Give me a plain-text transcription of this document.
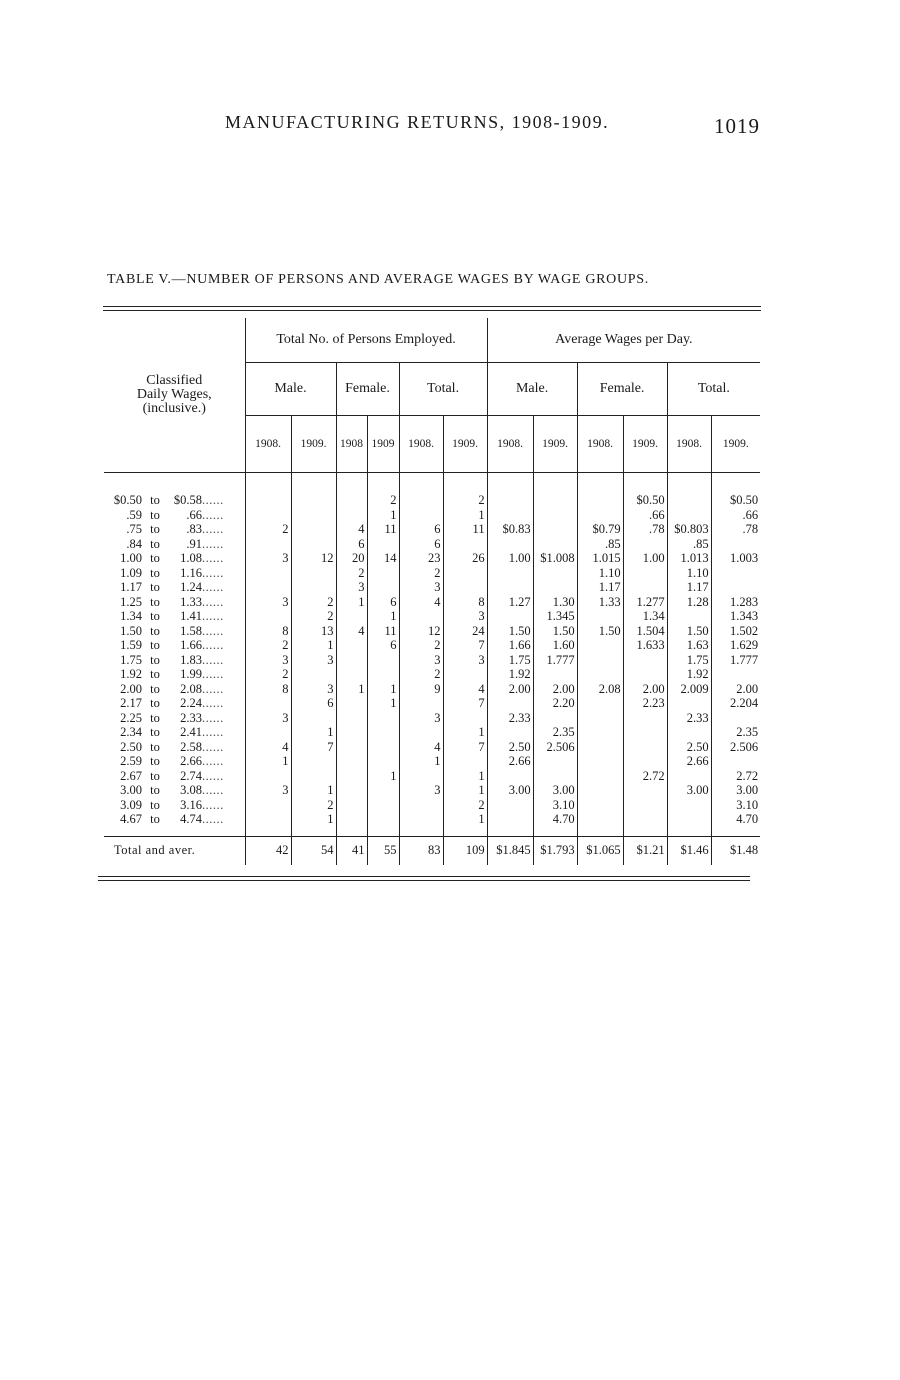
MANUFACTURING RETURNS, 1908-1909.	1019
TABLE V.—NUMBER OF PERSONS AND AVERAGE WAGES BY WAGE GROUPS.
Classified
Daily Wages,
(inclusive.)	Total No. of Persons Employed.						Average Wages per Day.					
	Male.		Female.		Total.		Male.		Female.		Total.	
	1908.	1909.	1908	1909	1908.	1909.	1908.	1909.	1908.	1909.	1908.	1909.

$0.50 to $0.58......				2		2				$0.50		$0.50
.59 to .66......				1		1				.66		.66
.75 to .83......	2		4	11	6	11	$0.83		$0.79	.78	$0.803	.78
.84 to .91......			6		6				.85		.85	
1.00 to 1.08......	3	12	20	14	23	26	1.00	$1.008	1.015	1.00	1.013	1.003
1.09 to 1.16......			2		2				1.10		1.10	
1.17 to 1.24......			3		3				1.17		1.17	
1.25 to 1.33......	3	2	1	6	4	8	1.27	1.30	1.33	1.277	1.28	1.283
1.34 to 1.41......		2		1		3		1.345		1.34		1.343
1.50 to 1.58......	8	13	4	11	12	24	1.50	1.50	1.50	1.504	1.50	1.502
1.59 to 1.66......	2	1		6	2	7	1.66	1.60		1.633	1.63	1.629
1.75 to 1.83......	3	3			3	3	1.75	1.777			1.75	1.777
1.92 to 1.99......	2				2		1.92				1.92	
2.00 to 2.08......	8	3	1	1	9	4	2.00	2.00	2.08	2.00	2.009	2.00
2.17 to 2.24......		6		1		7		2.20		2.23		2.204
2.25 to 2.33......	3				3		2.33				2.33	
2.34 to 2.41......		1				1		2.35				2.35
2.50 to 2.58......	4	7			4	7	2.50	2.506			2.50	2.506
2.59 to 2.66......	1				1		2.66				2.66	
2.67 to 2.74......				1		1				2.72		2.72
3.00 to 3.08......	3	1			3	1	3.00	3.00			3.00	3.00
3.09 to 3.16......		2				2		3.10				3.10
4.67 to 4.74......		1				1		4.70				4.70

Total and aver.	42	54	41	55	83	109	$1.845	$1.793	$1.065	$1.21	$1.46	$1.48
